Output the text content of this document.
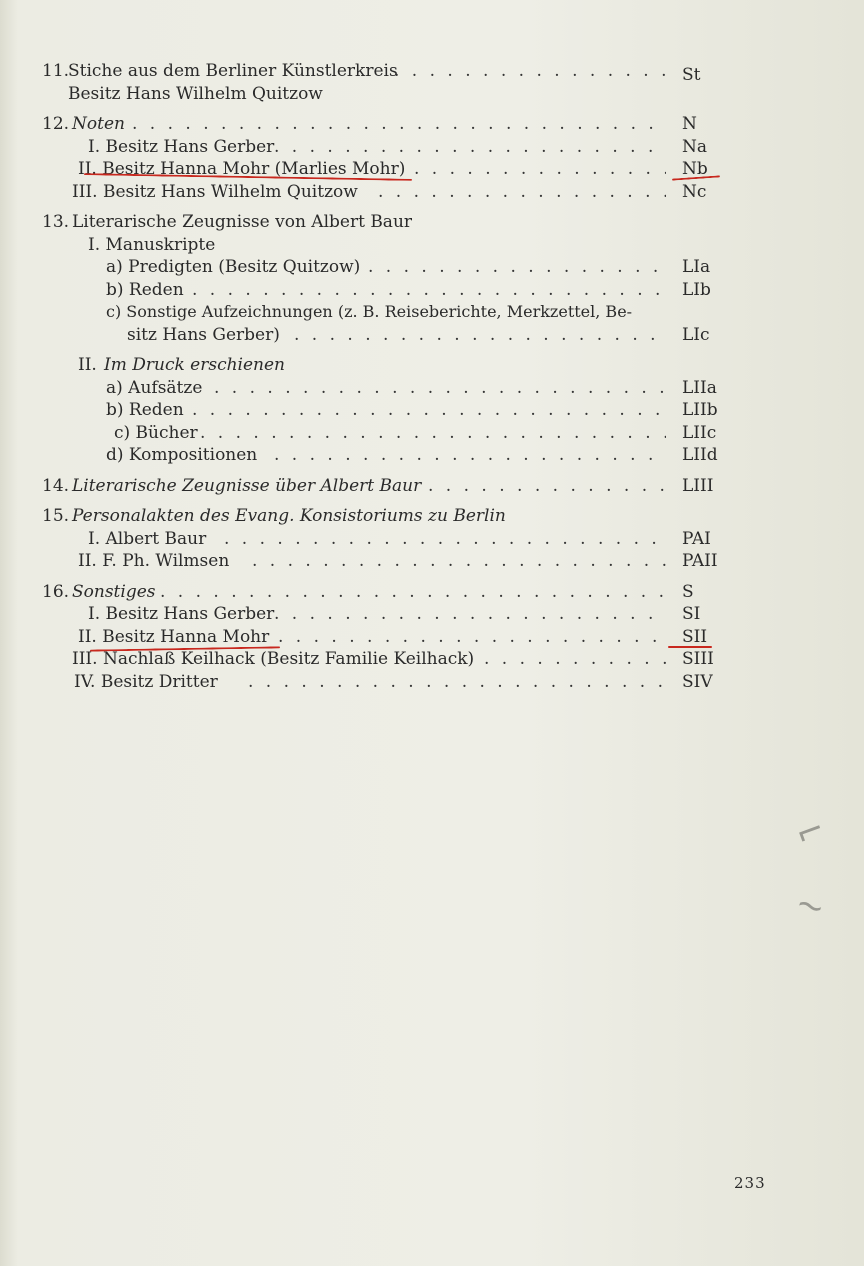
11.
Stiche aus dem Berliner Künstlerkreis . . .	St
Besitz Hans Wilhelm Quitzow
12. Noten . . .	N
I. Besitz Hans Gerber . . .	Na
II. Besitz Hanna Mohr (Marlies Mohr) . . .	Nb
III. Besitz Hans Wilhelm Quitzow . . .	Nc
13. Literarische Zeugnisse von Albert Baur
I. Manuskripte
a) Predigten (Besitz Quitzow) . . .	LIa
b) Reden . . .	LIb
c) Sonstige Aufzeichnungen (z. B. Reiseberichte, Merkzettel, Be-
sitz Hans Gerber) . . .	LIc
II. Im Druck erschienen
a) Aufsätze . . .	LIIa
b) Reden . . .	LIIb
c) Bücher . . .	LIIc
d) Kompositionen . . .	LIId
14. Literarische Zeugnisse über Albert Baur . . .	LIII
15. Personalakten des Evang. Konsistoriums zu Berlin
I. Albert Baur . . .	PAI
II. F. Ph. Wilmsen . . .	PAII
16. Sonstiges . . .	S
I. Besitz Hans Gerber . . .	SI
II. Besitz Hanna Mohr . . .	SII
III. Nachlaß Keilhack (Besitz Familie Keilhack) . . .	SIII
IV. Besitz Dritter . . .	SIV
⌐
∼
233
